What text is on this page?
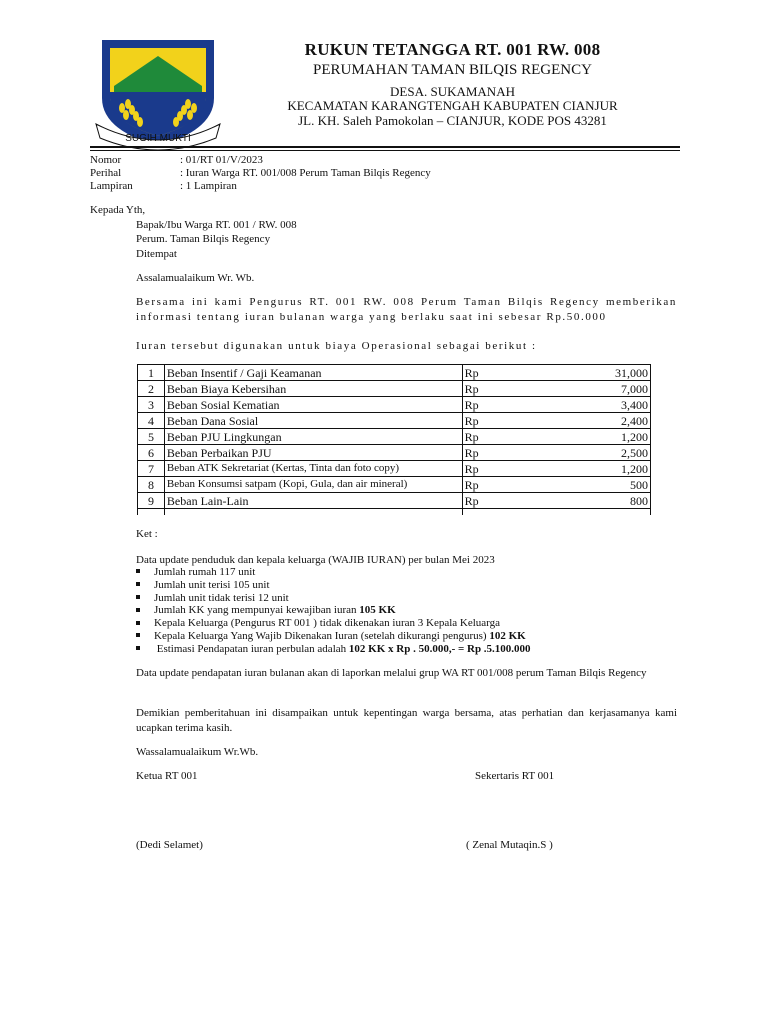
SUGIH MUKTI
RUKUN TETANGGA RT. 001 RW. 008
PERUMAHAN TAMAN BILQIS REGENCY
DESA. SUKAMANAH
KECAMATAN KARANGTENGAH KABUPATEN CIANJUR
JL. KH. Saleh Pamokolan – CIANJUR, KODE POS 43281
Nomor	: 01/RT 01/V/2023
Perihal	: Iuran Warga RT. 001/008 Perum Taman Bilqis Regency
Lampiran	: 1 Lampiran
Kepada Yth,
Bapak/Ibu Warga RT. 001 / RW. 008
Perum. Taman Bilqis Regency
Ditempat
Assalamualaikum Wr. Wb.
Bersama ini kami Pengurus RT. 001 RW. 008 Perum Taman Bilqis Regency memberikan informasi tentang iuran bulanan warga yang berlaku saat ini sebesar Rp.50.000
Iuran tersebut digunakan untuk biaya Operasional sebagai berikut :
1	Beban Insentif / Gaji Keamanan	Rp	31,000
2	Beban Biaya Kebersihan	Rp	7,000
3	Beban Sosial Kematian	Rp	3,400
4	Beban Dana Sosial	Rp	2,400
5	Beban PJU Lingkungan	Rp	1,200
6	Beban Perbaikan PJU	Rp	2,500
7	Beban ATK Sekretariat (Kertas, Tinta dan foto copy)	Rp	1,200
8	Beban Konsumsi satpam (Kopi, Gula, dan air mineral)	Rp	500
9	Beban Lain-Lain	Rp	800

Ket :
Data update penduduk dan kepala keluarga (WAJIB IURAN) per bulan Mei 2023
Jumlah rumah 117 unit
Jumlah unit terisi 105 unit
Jumlah unit tidak terisi 12 unit
Jumlah KK yang mempunyai kewajiban iuran 105 KK
Kepala Keluarga (Pengurus RT 001 ) tidak dikenakan iuran 3 Kepala Keluarga
Kepala Keluarga Yang Wajib Dikenakan Iuran (setelah dikurangi pengurus) 102 KK
Estimasi Pendapatan iuran perbulan adalah 102 KK x Rp . 50.000,- = Rp .5.100.000
Data update pendapatan iuran bulanan akan di laporkan melalui grup WA RT 001/008 perum Taman Bilqis Regency
Demikian pemberitahuan ini disampaikan untuk kepentingan warga bersama, atas perhatian dan kerjasamanya kami ucapkan terima kasih.
Wassalamualaikum Wr.Wb.
Ketua RT 001	Sekertaris RT 001
(Dedi Selamet)	( Zenal Mutaqin.S )
